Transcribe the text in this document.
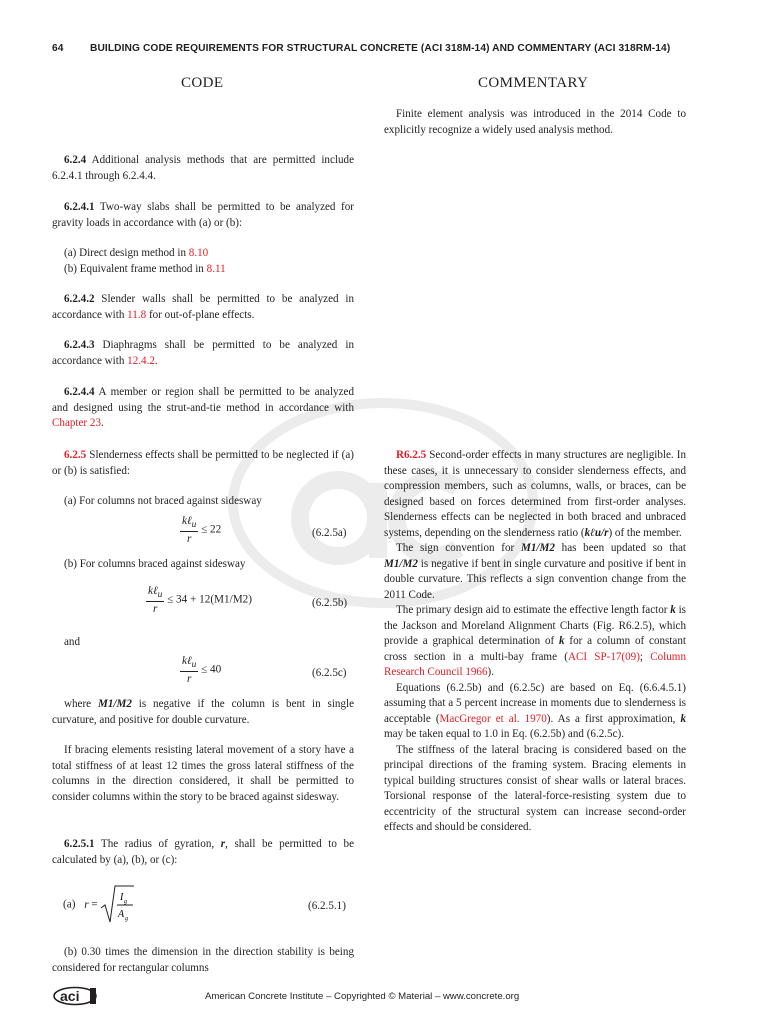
64	BUILDING CODE REQUIREMENTS FOR STRUCTURAL CONCRETE (ACI 318M-14) AND COMMENTARY (ACI 318RM-14)
CODE	COMMENTARY

Finite element analysis was introduced in the 2014 Code to explicitly recognize a widely used analysis method.

R6.2.5 Second-order effects in many structures are negligible. In these cases, it is unnecessary to consider slenderness effects, and compression members, such as columns, walls, or braces, can be designed based on forces determined from first-order analyses. Slenderness effects can be neglected in both braced and unbraced systems, depending on the slenderness ratio (kℓu/r) of the member.

The sign convention for M1/M2 has been updated so that M1/M2 is negative if bent in single curvature and positive if bent in double curvature. This reflects a sign convention change from the 2011 Code.

The primary design aid to estimate the effective length factor k is the Jackson and Moreland Alignment Charts (Fig. R6.2.5), which provide a graphical determination of k for a column of constant cross section in a multi-bay frame (ACI SP-17(09); Column Research Council 1966).

Equations (6.2.5b) and (6.2.5c) are based on Eq. (6.6.4.5.1) assuming that a 5 percent increase in moments due to slenderness is acceptable (MacGregor et al. 1970). As a first approximation, k may be taken equal to 1.0 in Eq. (6.2.5b) and (6.2.5c).

The stiffness of the lateral bracing is considered based on the principal directions of the framing system. Bracing elements in typical building structures consist of shear walls or lateral braces. Torsional response of the lateral-force-resisting system due to eccentricity of the structural system can increase second-order effects and should be considered.

6.2.4 Additional analysis methods that are permitted include 6.2.4.1 through 6.2.4.4.

6.2.4.1 Two-way slabs shall be permitted to be analyzed for gravity loads in accordance with (a) or (b):

(a) Direct design method in 8.10

(b) Equivalent frame method in 8.11

6.2.4.2 Slender walls shall be permitted to be analyzed in accordance with 11.8 for out-of-plane effects.

6.2.4.3 Diaphragms shall be permitted to be analyzed in accordance with 12.4.2.

6.2.4.4 A member or region shall be permitted to be analyzed and designed using the strut-and-tie method in accordance with Chapter 23.

6.2.5 Slenderness effects shall be permitted to be neglected if (a) or (b) is satisfied:

(a) For columns not braced against sidesway

$\frac{k\ell_u}{r} \le 22$	(6.2.5a)

(b) For columns braced against sidesway

$\frac{k\ell_u}{r} \le 34 + 12(M1/M2)$	(6.2.5b)

and

$\frac{k\ell_u}{r} \le 40$	(6.2.5c)

where M1/M2 is negative if the column is bent in single curvature, and positive for double curvature.

If bracing elements resisting lateral movement of a story have a total stiffness of at least 12 times the gross lateral stiffness of the columns in the direction considered, it shall be permitted to consider columns within the story to be braced against sidesway.

6.2.5.1 The radius of gyration, r, shall be permitted to be calculated by (a), (b), or (c):

(a) r =
I g
A g
(6.2.5.1)

(b) 0.30 times the dimension in the direction stability is being considered for rectangular columns

aci	American Concrete Institute – Copyrighted © Material – www.concrete.org
